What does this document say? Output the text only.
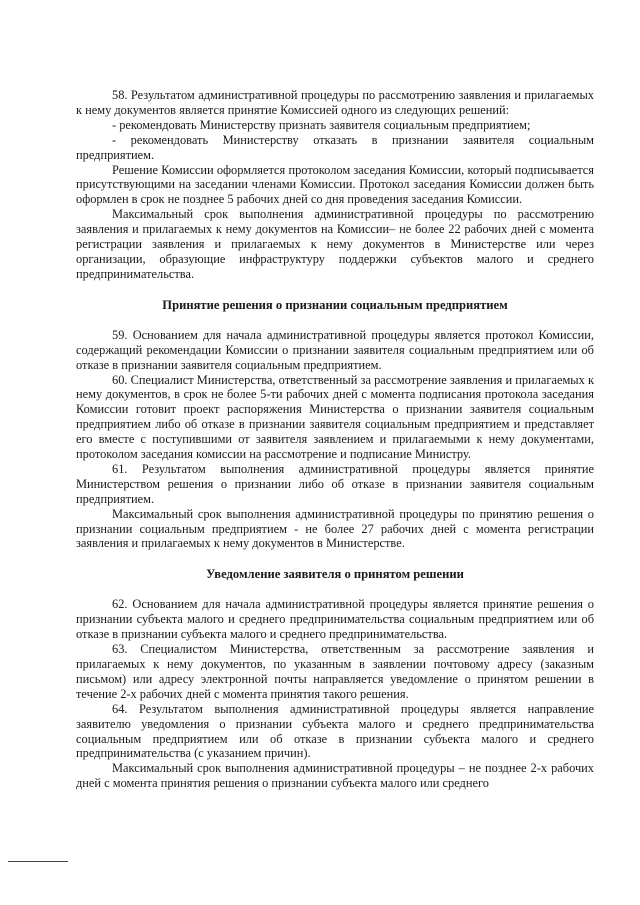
58. Результатом административной процедуры по рассмотрению заявления и прилагаемых к нему документов является принятие Комиссией одного из следующих решений:

- рекомендовать Министерству признать заявителя социальным предприятием;

- рекомендовать Министерству отказать в признании заявителя социальным предприятием.

Решение Комиссии оформляется протоколом заседания Комиссии, который подписывается присутствующими на заседании членами Комиссии. Протокол заседания Комиссии должен быть оформлен в срок не позднее 5 рабочих дней со дня проведения заседания Комиссии.

Максимальный срок выполнения административной процедуры по рассмотрению заявления и прилагаемых к нему документов на Комиссии– не более 22 рабочих дней с момента регистрации заявления и прилагаемых к нему документов в Министерстве или через организации, образующие инфраструктуру поддержки субъектов малого и среднего предпринимательства.

Принятие решения о признании социальным предприятием

59. Основанием для начала административной процедуры является протокол Комиссии, содержащий рекомендации Комиссии о признании заявителя социальным предприятием или об отказе в признании заявителя социальным предприятием.

60. Специалист Министерства, ответственный за рассмотрение заявления и прилагаемых к нему документов, в срок не более 5-ти рабочих дней с момента подписания протокола заседания Комиссии готовит проект распоряжения Министерства о признании заявителя социальным предприятием либо об отказе в признании заявителя социальным предприятием и представляет его вместе с поступившими от заявителя заявлением и прилагаемыми к нему документами, протоколом заседания комиссии на рассмотрение и подписание Министру.

61. Результатом выполнения административной процедуры является принятие Министерством решения о признании либо об отказе в признании заявителя социальным предприятием.

Максимальный срок выполнения административной процедуры по принятию решения о признании социальным предприятием - не более 27 рабочих дней с момента регистрации заявления и прилагаемых к нему документов в Министерстве.

Уведомление заявителя о принятом решении

62. Основанием для начала административной процедуры является принятие решения о признании субъекта малого и среднего предпринимательства социальным предприятием или об отказе в признании субъекта малого и среднего предпринимательства.

63. Специалистом Министерства, ответственным за рассмотрение заявления и прилагаемых к нему документов, по указанным в заявлении почтовому адресу (заказным письмом) или адресу электронной почты направляется уведомление о принятом решении в течение 2-х рабочих дней с момента принятия такого решения.

64. Результатом выполнения административной процедуры является направление заявителю уведомления о признании субъекта малого и среднего предпринимательства социальным предприятием или об отказе в признании субъекта малого и среднего предпринимательства (с указанием причин).

Максимальный срок выполнения административной процедуры – не позднее 2-х рабочих дней с момента принятия решения о признании субъекта малого или среднего
